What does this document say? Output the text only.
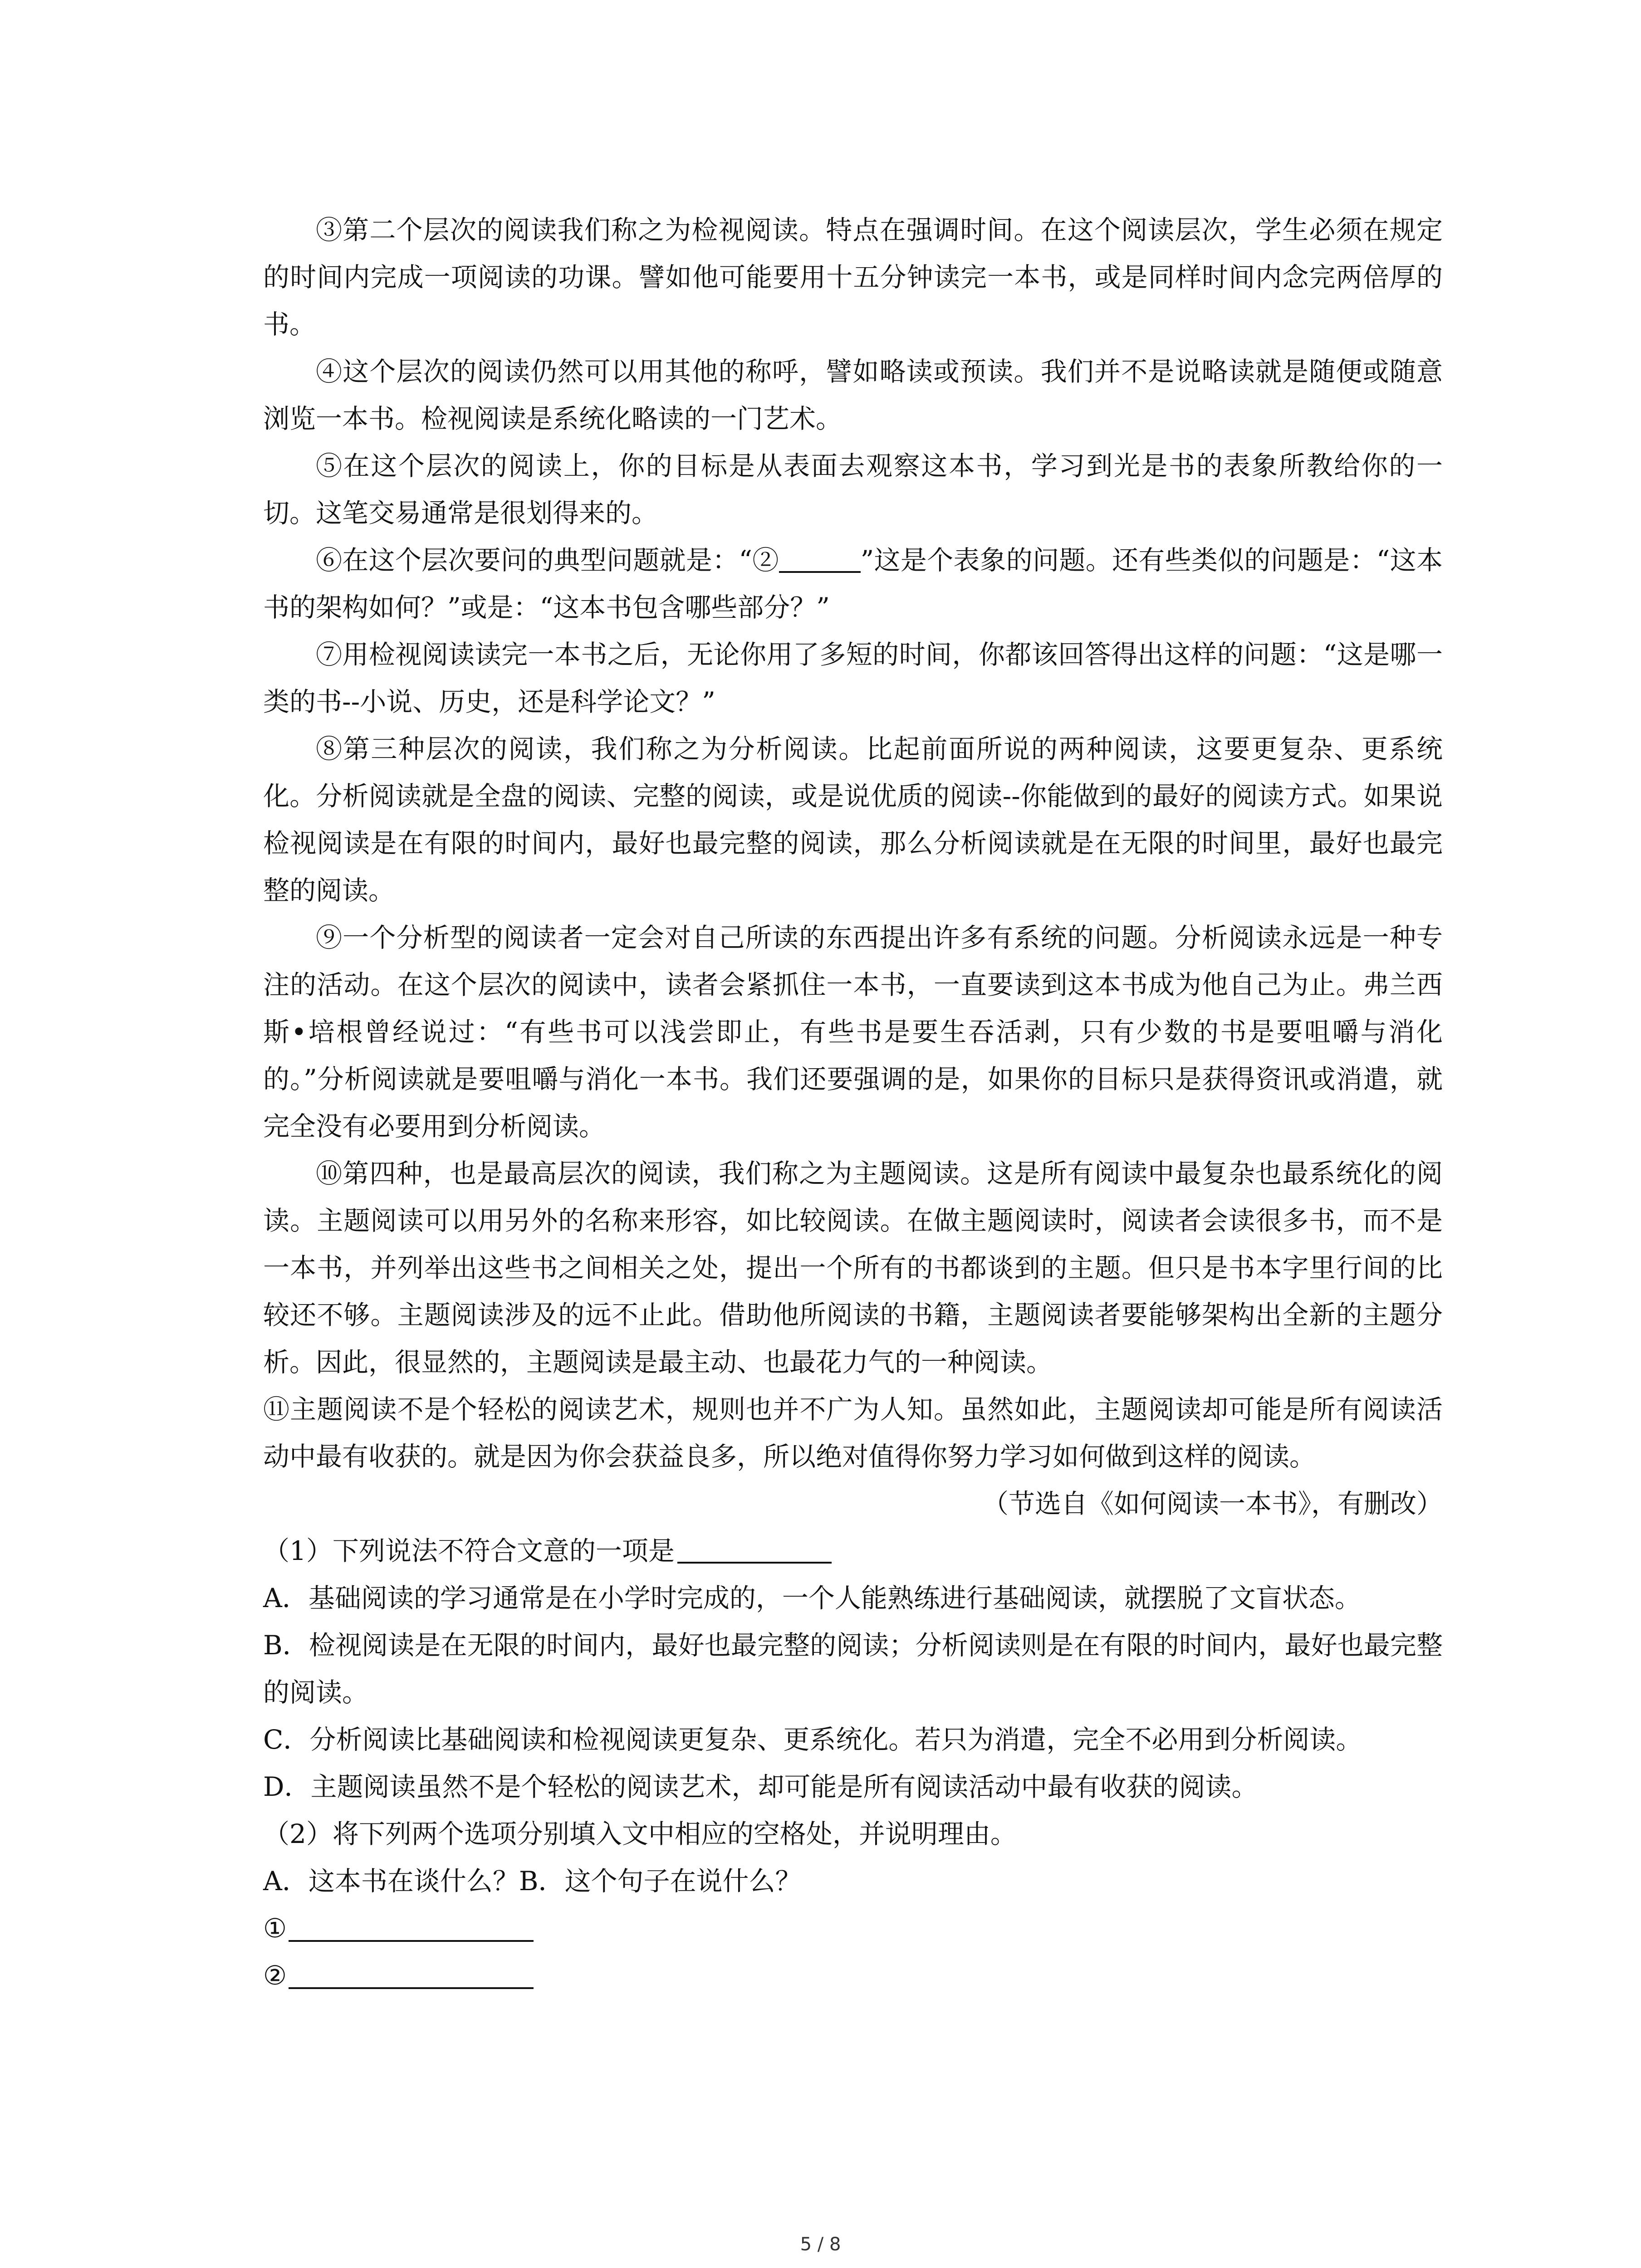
③第二个层次的阅读我们称之为检视阅读。特点在强调时间。在这个阅读层次，学生必须在规定的时间内完成一项阅读的功课。譬如他可能要用十五分钟读完一本书，或是同样时间内念完两倍厚的书。

④这个层次的阅读仍然可以用其他的称呼，譬如略读或预读。我们并不是说略读就是随便或随意浏览一本书。检视阅读是系统化略读的一门艺术。

⑤在这个层次的阅读上，你的目标是从表面去观察这本书，学习到光是书的表象所教给你的一切。这笔交易通常是很划得来的。

⑥在这个层次要问的典型问题就是：“②	”这是个表象的问题。还有些类似的问题是：“这本书的架构如何？”或是：“这本书包含哪些部分？”

⑦用检视阅读读完一本书之后，无论你用了多短的时间，你都该回答得出这样的问题：“这是哪一类的书--小说、历史，还是科学论文？”

⑧第三种层次的阅读，我们称之为分析阅读。比起前面所说的两种阅读，这要更复杂、更系统化。分析阅读就是全盘的阅读、完整的阅读，或是说优质的阅读--你能做到的最好的阅读方式。如果说检视阅读是在有限的时间内，最好也最完整的阅读，那么分析阅读就是在无限的时间里，最好也最完整的阅读。

⑨一个分析型的阅读者一定会对自己所读的东西提出许多有系统的问题。分析阅读永远是一种专注的活动。在这个层次的阅读中，读者会紧抓住一本书，一直要读到这本书成为他自己为止。弗兰西斯•培根曾经说过：“有些书可以浅尝即止，有些书是要生吞活剥，只有少数的书是要咀嚼与消化的。”分析阅读就是要咀嚼与消化一本书。我们还要强调的是，如果你的目标只是获得资讯或消遣，就完全没有必要用到分析阅读。

⑩第四种，也是最高层次的阅读，我们称之为主题阅读。这是所有阅读中最复杂也最系统化的阅读。主题阅读可以用另外的名称来形容，如比较阅读。在做主题阅读时，阅读者会读很多书，而不是一本书，并列举出这些书之间相关之处，提出一个所有的书都谈到的主题。但只是书本字里行间的比较还不够。主题阅读涉及的远不止此。借助他所阅读的书籍，主题阅读者要能够架构出全新的主题分析。因此，很显然的，主题阅读是最主动、也最花力气的一种阅读。

⑪主题阅读不是个轻松的阅读艺术，规则也并不广为人知。虽然如此，主题阅读却可能是所有阅读活动中最有收获的。就是因为你会获益良多，所以绝对值得你努力学习如何做到这样的阅读。

（节选自《如何阅读一本书》，有删改）

（1）下列说法不符合文意的一项是

A．基础阅读的学习通常是在小学时完成的，一个人能熟练进行基础阅读，就摆脱了文盲状态。

B．检视阅读是在无限的时间内，最好也最完整的阅读；分析阅读则是在有限的时间内，最好也最完整的阅读。

C．分析阅读比基础阅读和检视阅读更复杂、更系统化。若只为消遣，完全不必用到分析阅读。

D．主题阅读虽然不是个轻松的阅读艺术，却可能是所有阅读活动中最有收获的阅读。

（2）将下列两个选项分别填入文中相应的空格处，并说明理由。

A．这本书在谈什么？B．这个句子在说什么？

①

②

5 / 8
